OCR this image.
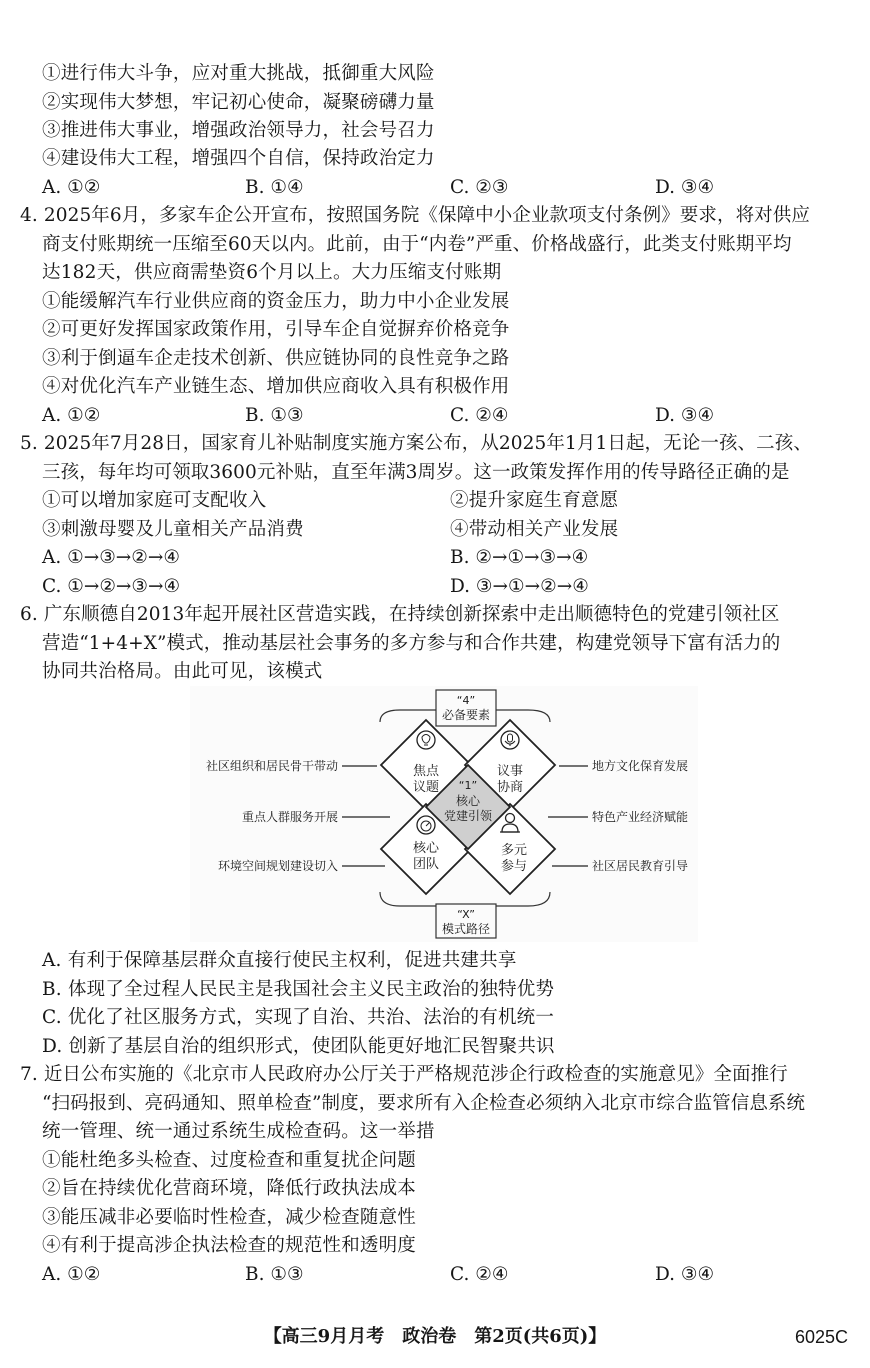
①进行伟大斗争，应对重大挑战，抵御重大风险
②实现伟大梦想，牢记初心使命，凝聚磅礴力量
③推进伟大事业，增强政治领导力，社会号召力
④建设伟大工程，增强四个自信，保持政治定力
A. ①②	B. ①④	C. ②③	D. ③④
4. 2025年6月，多家车企公开宣布，按照国务院《保障中小企业款项支付条例》要求，将对供应
商支付账期统一压缩至60天以内。此前，由于“内卷”严重、价格战盛行，此类支付账期平均
达182天，供应商需垫资6个月以上。大力压缩支付账期
①能缓解汽车行业供应商的资金压力，助力中小企业发展
②可更好发挥国家政策作用，引导车企自觉摒弃价格竞争
③利于倒逼车企走技术创新、供应链协同的良性竞争之路
④对优化汽车产业链生态、增加供应商收入具有积极作用
A. ①②	B. ①③	C. ②④	D. ③④
5. 2025年7月28日，国家育儿补贴制度实施方案公布，从2025年1月1日起，无论一孩、二孩、
三孩，每年均可领取3600元补贴，直至年满3周岁。这一政策发挥作用的传导路径正确的是
①可以增加家庭可支配收入	②提升家庭生育意愿
③刺激母婴及儿童相关产品消费	④带动相关产业发展
A. ①→③→②→④	B. ②→①→③→④
C. ①→②→③→④	D. ③→①→②→④
6. 广东顺德自2013年起开展社区营造实践，在持续创新探索中走出顺德特色的党建引领社区
营造“1+4+X”模式，推动基层社会事务的多方参与和合作共建，构建党领导下富有活力的
协同共治格局。由此可见，该模式
“4”
必备要素
“X”
模式路径
焦点
议题
议事
协商
“1”
核心
党建引领
核心
团队
多元
参与
社区组织和居民骨干带动
重点人群服务开展
环境空间规划建设切入
地方文化保育发展
特色产业经济赋能
社区居民教育引导
A. 有利于保障基层群众直接行使民主权利，促进共建共享
B. 体现了全过程人民民主是我国社会主义民主政治的独特优势
C. 优化了社区服务方式，实现了自治、共治、法治的有机统一
D. 创新了基层自治的组织形式，使团队能更好地汇民智聚共识
7. 近日公布实施的《北京市人民政府办公厅关于严格规范涉企行政检查的实施意见》全面推行
“扫码报到、亮码通知、照单检查”制度，要求所有入企检查必须纳入北京市综合监管信息系统
统一管理、统一通过系统生成检查码。这一举措
①能杜绝多头检查、过度检查和重复扰企问题
②旨在持续优化营商环境，降低行政执法成本
③能压减非必要临时性检查，减少检查随意性
④有利于提高涉企执法检查的规范性和透明度
A. ①②	B. ①③	C. ②④	D. ③④
【高三9月月考　政治卷　第2页(共6页)】	6025C
